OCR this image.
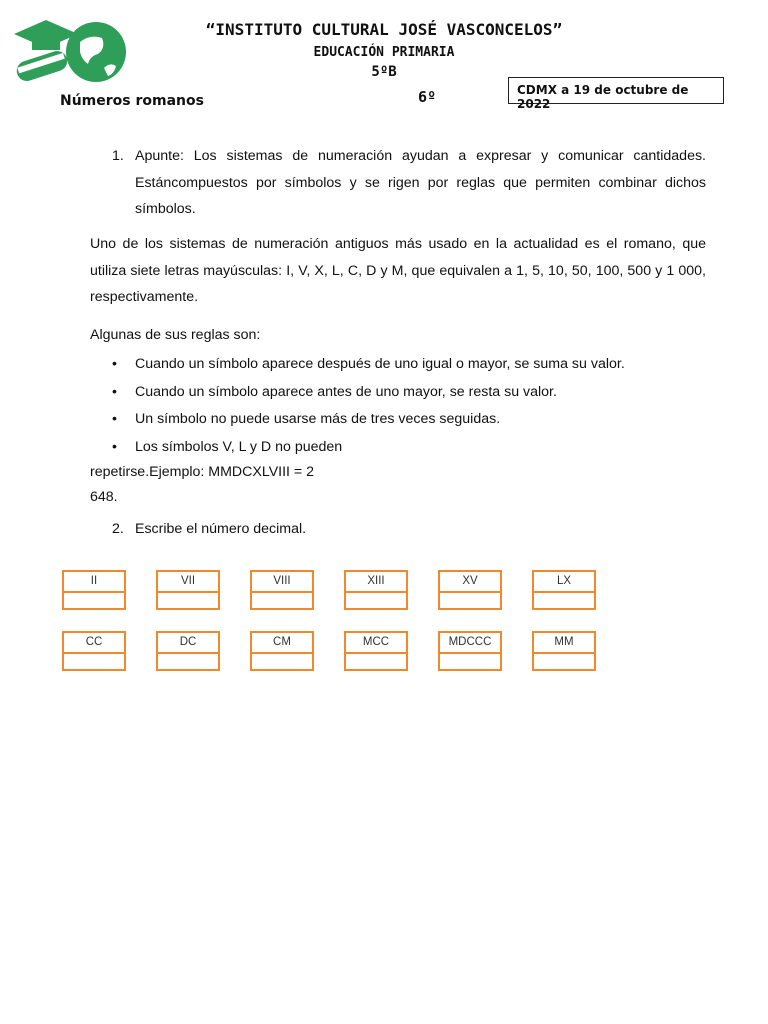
“INSTITUTO CULTURAL JOSÉ VASCONCELOS”
EDUCACIÓN PRIMARIA
5ºB
6º
Números romanos
CDMX a 19 de octubre de 2022
1. Apunte: Los sistemas de numeración ayudan a expresar y comunicar cantidades. Estáncompuestos por símbolos y se rigen por reglas que permiten combinar dichos símbolos.
Uno de los sistemas de numeración antiguos más usado en la actualidad es el romano, que utiliza siete letras mayúsculas: I, V, X, L, C, D y M, que equivalen a 1, 5, 10, 50, 100, 500 y 1 000, respectivamente.
Algunas de sus reglas son:
• Cuando un símbolo aparece después de uno igual o mayor, se suma su valor.
• Cuando un símbolo aparece antes de uno mayor, se resta su valor.
• Un símbolo no puede usarse más de tres veces seguidas.
• Los símbolos V, L y D no pueden
repetirse.Ejemplo: MMDCXLVIII = 2
648.
2. Escribe el número decimal.
II	VII	VIII	XIII	XV	LX
CC	DC	CM	MCC	MDCCC	MM
